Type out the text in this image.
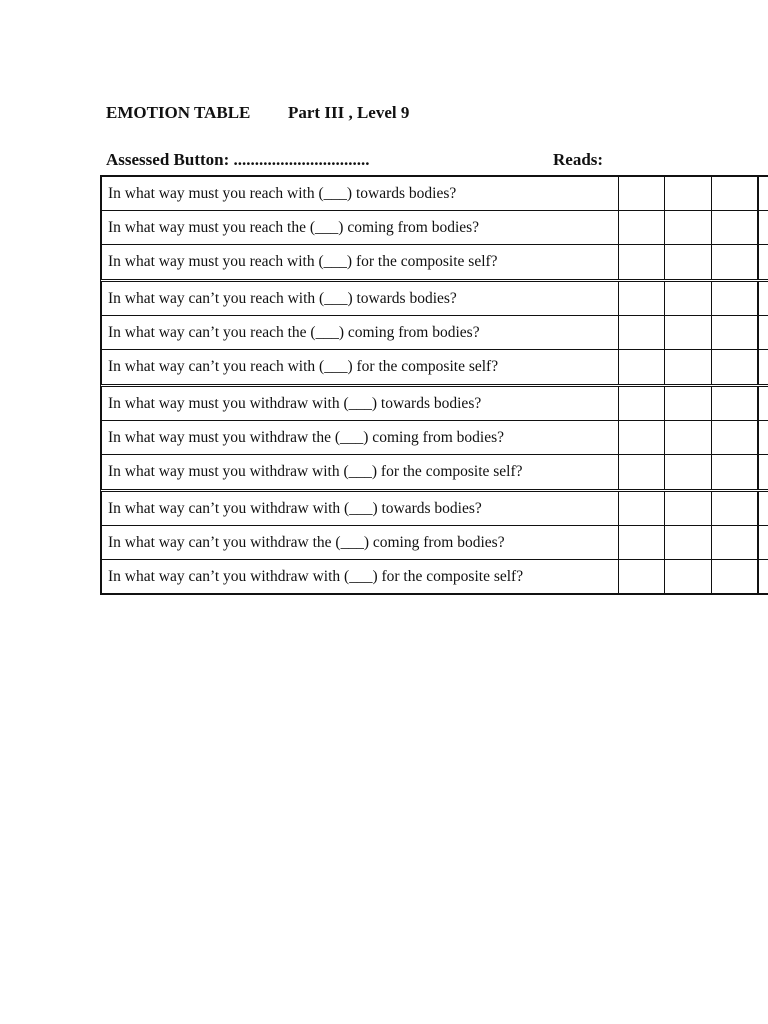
EMOTION TABLE Part III , Level 9
Assessed Button: ................................	Reads:
In what way must you reach with (___) towards bodies?
In what way must you reach the (___) coming from bodies?
In what way must you reach with (___) for the composite self?
In what way can’t you reach with (___) towards bodies?
In what way can’t you reach the (___) coming from bodies?
In what way can’t you reach with (___) for the composite self?
In what way must you withdraw with (___) towards bodies?
In what way must you withdraw the (___) coming from bodies?
In what way must you withdraw with (___) for the composite self?
In what way can’t you withdraw with (___) towards bodies?
In what way can’t you withdraw the (___) coming from bodies?
In what way can’t you withdraw with (___) for the composite self?
